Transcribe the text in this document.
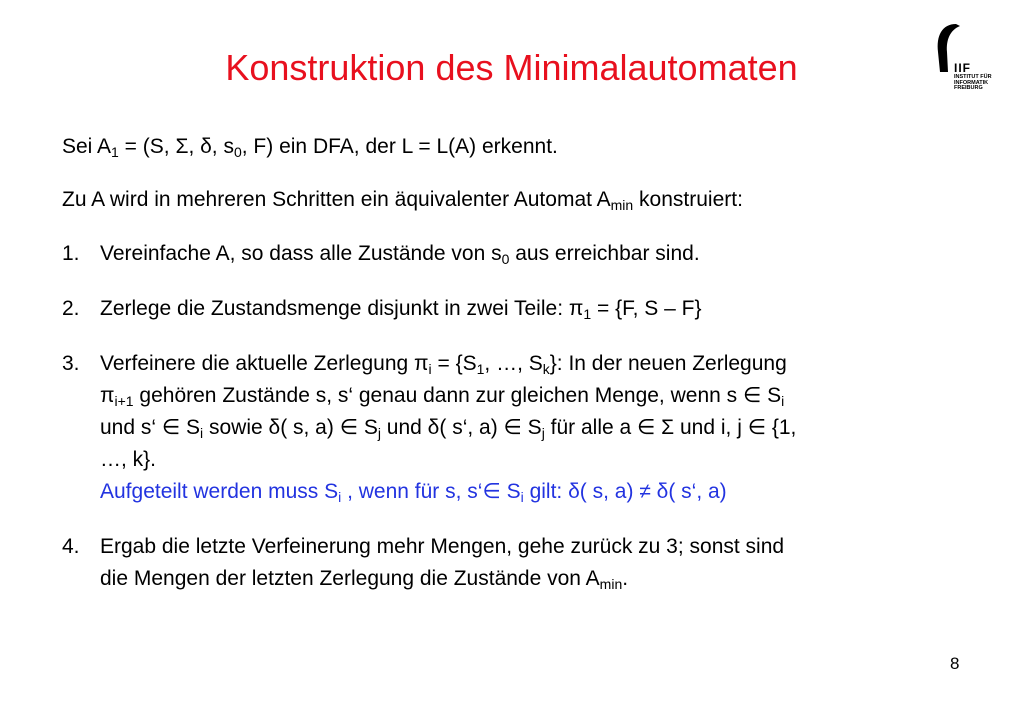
Konstruktion des Minimalautomaten	IIF
INSTITUT FÜR
INFORMATIK
FREIBURG
Sei $A_1 = (S$, Σ, δ, $s_0$, F) ein DFA, der L = L(A) erkennt.
Zu A wird in mehreren Schritten ein äquivalenter Automat $A_{min}$ konstruiert:
1. Vereinfache A, so dass alle Zustände von $s_0$ aus erreichbar sind.
2. Zerlege die Zustandsmenge disjunkt in zwei Teile: $\pi_1 = \{F$, S – F}
3. Verfeinere die aktuelle Zerlegung $\pi_i = \{S_1$, …, $S_k$}: In der neuen Zerlegung
$\pi_{i+1}$ gehören Zustände s, s‘ genau dann zur gleichen Menge, wenn s ∈ $S_i$
und s‘ ∈ $S_i$ sowie δ( s, a) ∈ $S_j$ und δ( s‘, a) ∈ $S_j$ für alle a ∈ Σ und i, j ∈ {1,
…, k}.
Aufgeteilt werden muss $S_i$ , wenn für s, s‘∈ $S_i$ gilt: δ( s, a) ≠ δ( s‘, a)
4. Ergab die letzte Verfeinerung mehr Mengen, gehe zurück zu 3; sonst sind
die Mengen der letzten Zerlegung die Zustände von $A_{min}$.
8
